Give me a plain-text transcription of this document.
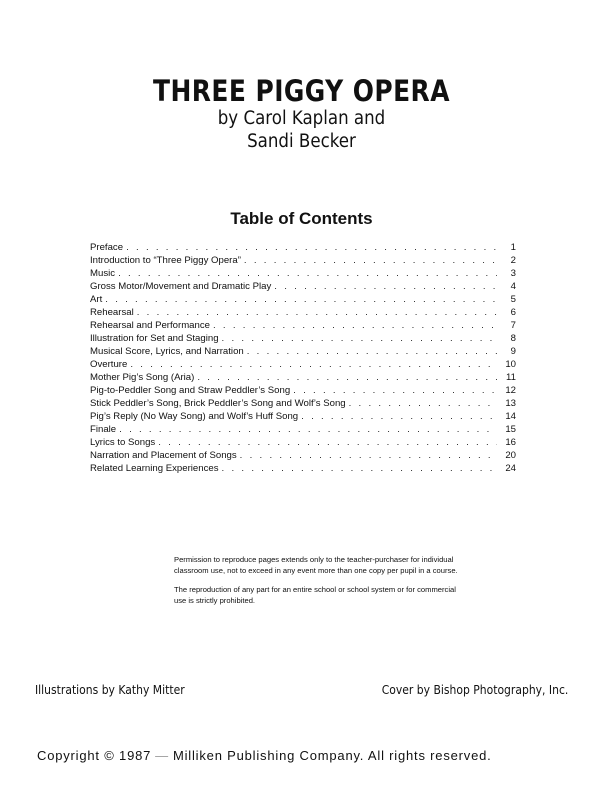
THREE PIGGY OPERA
by Carol Kaplan and
Sandi Becker
Table of Contents
Preface . . .	1
Introduction to “Three Piggy Opera” . . .	2
Music . . .	3
Gross Motor/Movement and Dramatic Play . . .	4
Art . . .	5
Rehearsal . . .	6
Rehearsal and Performance . . .	7
Illustration for Set and Staging . . .	8
Musical Score, Lyrics, and Narration . . .	9
Overture . . .	10
Mother Pig’s Song (Aria) . . .	11
Pig-to-Peddler Song and Straw Peddler’s Song . . .	12
Stick Peddler’s Song, Brick Peddler’s Song and Wolf’s Song . . .	13
Pig’s Reply (No Way Song) and Wolf’s Huff Song . . .	14
Finale . . .	15
Lyrics to Songs . . .	16
Narration and Placement of Songs . . .	20
Related Learning Experiences . . .	24

Permission to reproduce pages extends only to the teacher-purchaser for individual classroom use, not to exceed in any event more than one copy per pupil in a course.

The reproduction of any part for an entire school or school system or for commercial use is strictly prohibited.

Illustrations by Kathy Mitter	Cover by Bishop Photography, Inc.
Copyright © 1987 — Milliken Publishing Company. All rights reserved.
